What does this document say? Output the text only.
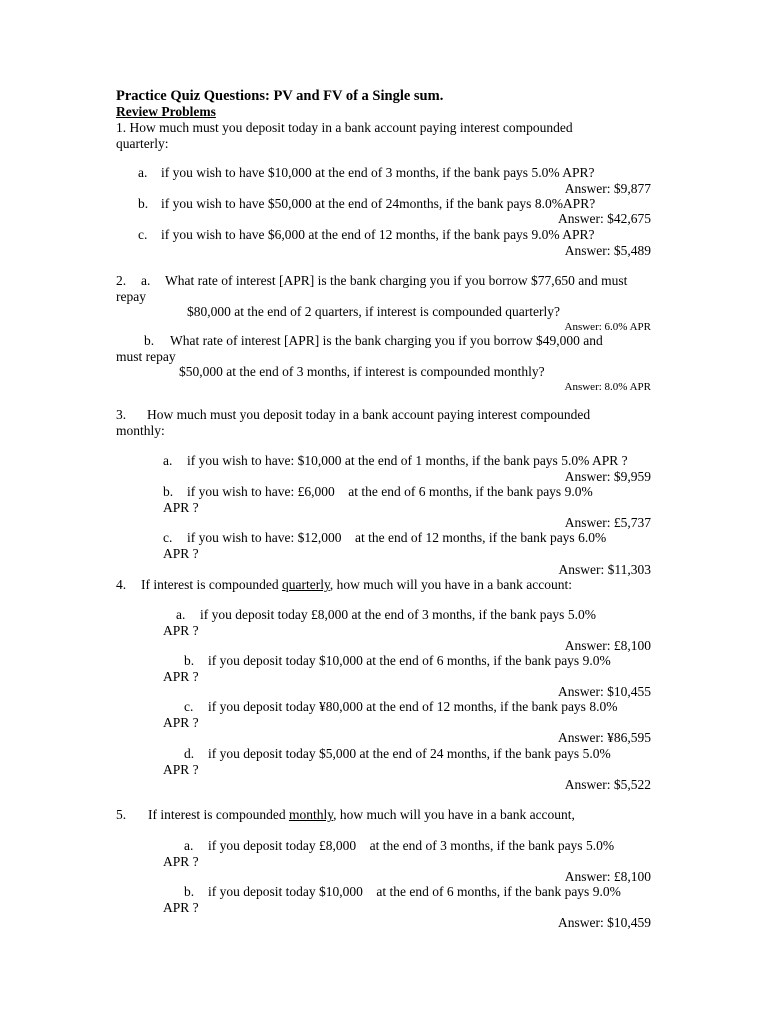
Practice Quiz Questions: PV and FV of a Single sum.
Review Problems
1. How much must you deposit today in a bank account paying interest compounded
quarterly:
a. if you wish to have $10,000 at the end of 3 months, if the bank pays 5.0% APR?
Answer: $9,877
b. if you wish to have $50,000 at the end of 24months, if the bank pays 8.0%APR?
Answer: $42,675
c. if you wish to have $6,000 at the end of 12 months, if the bank pays 9.0% APR?
Answer: $5,489
2. a. What rate of interest [APR] is the bank charging you if you borrow $77,650 and must
repay
$80,000 at the end of 2 quarters, if interest is compounded quarterly?
Answer: 6.0% APR
b. What rate of interest [APR] is the bank charging you if you borrow $49,000 and
must repay
$50,000 at the end of 3 months, if interest is compounded monthly?
Answer: 8.0% APR
3. How much must you deposit today in a bank account paying interest compounded
monthly:
a. if you wish to have: $10,000 at the end of 1 months, if the bank pays 5.0% APR ?
Answer: $9,959
b. if you wish to have: £6,000    at the end of 6 months, if the bank pays 9.0%
APR ?
Answer: £5,737
c. if you wish to have: $12,000    at the end of 12 months, if the bank pays 6.0%
APR ?
Answer: $11,303
4. If interest is compounded quarterly, how much will you have in a bank account:
a. if you deposit today £8,000 at the end of 3 months, if the bank pays 5.0%
APR ?
Answer: £8,100
b. if you deposit today $10,000 at the end of 6 months, if the bank pays 9.0%
APR ?
Answer: $10,455
c. if you deposit today ¥80,000 at the end of 12 months, if the bank pays 8.0%
APR ?
Answer: ¥86,595
d. if you deposit today $5,000 at the end of 24 months, if the bank pays 5.0%
APR ?
Answer: $5,522
5. If interest is compounded monthly, how much will you have in a bank account,
a. if you deposit today £8,000    at the end of 3 months, if the bank pays 5.0%
APR ?
Answer: £8,100
b. if you deposit today $10,000    at the end of 6 months, if the bank pays 9.0%
APR ?
Answer: $10,459
